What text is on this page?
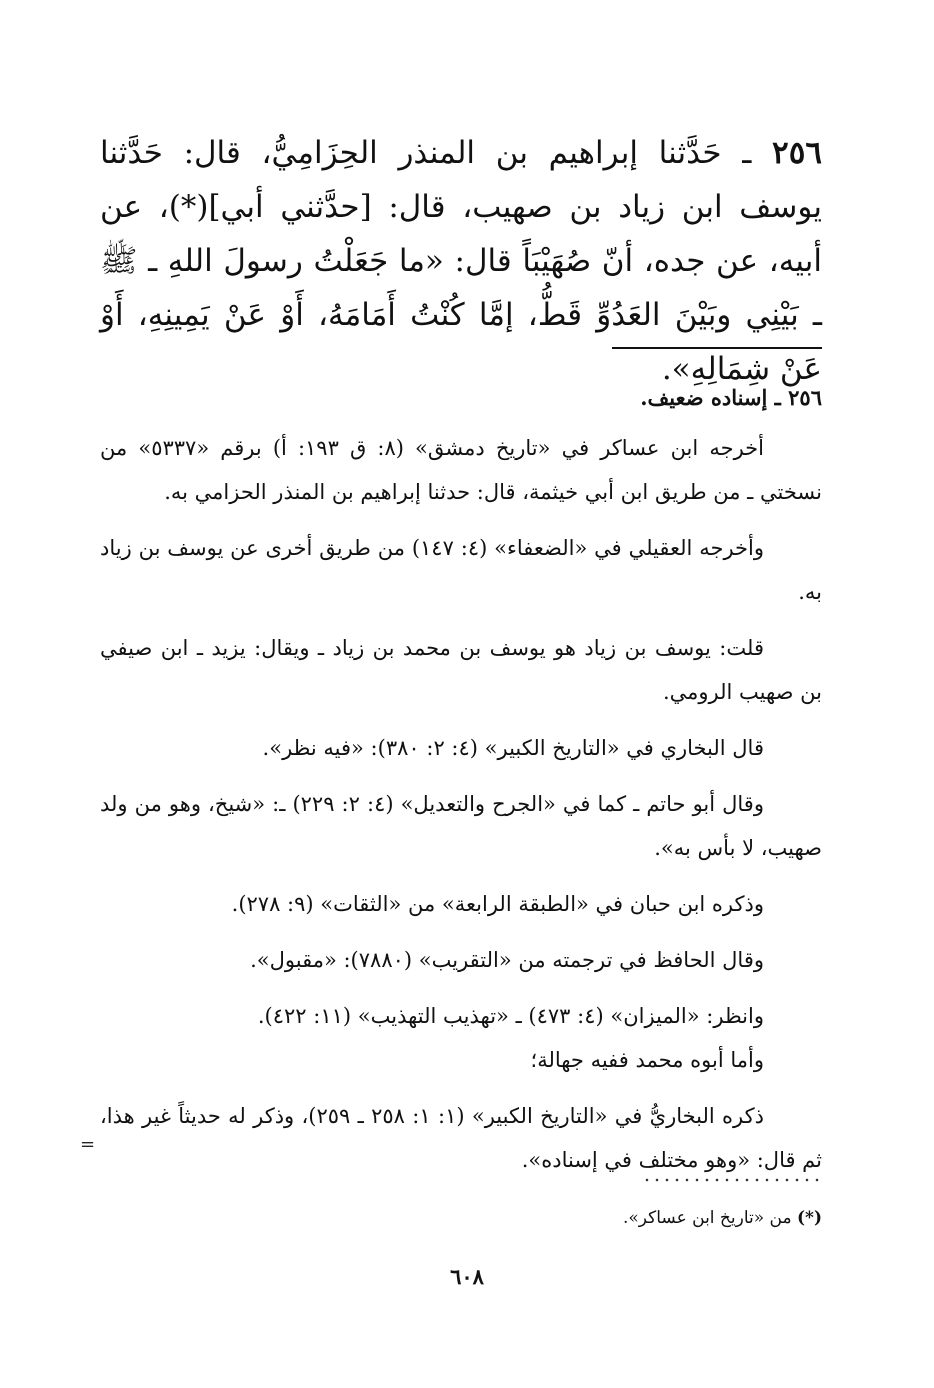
٢٥٦ ـ حَدَّثنا إبراهيم بن المنذر الحِزَامِيُّ، قال: حَدَّثنا يوسف ابن زياد بن صهيب، قال: [حدَّثني أبي](*)، عن أبيه، عن جده، أنّ صُهَيْبَاً قال: «ما جَعَلْتُ رسولَ اللهِ ـ ﷺ ـ بَيْنِي وبَيْنَ العَدُوِّ قَطُّ، إمَّا كُنْتُ أَمَامَهُ، أَوْ عَنْ يَمِينِهِ، أَوْ عَنْ شِمَالِهِ».

٢٥٦ ـ إسناده ضعيف.

أخرجه ابن عساكر في «تاريخ دمشق» (٨: ق ١٩٣: أ) برقم «٥٣٣٧» من نسختي ـ من طريق ابن أبي خيثمة، قال: حدثنا إبراهيم بن المنذر الحزامي به.

وأخرجه العقيلي في «الضعفاء» (٤: ١٤٧) من طريق أخرى عن يوسف بن زياد به.

قلت: يوسف بن زياد هو يوسف بن محمد بن زياد ـ ويقال: يزيد ـ ابن صيفي بن صهيب الرومي.

قال البخاري في «التاريخ الكبير» (٤: ٢: ٣٨٠): «فيه نظر».

وقال أبو حاتم ـ كما في «الجرح والتعديل» (٤: ٢: ٢٢٩) ـ: «شيخ، وهو من ولد صهيب، لا بأس به».

وذكره ابن حبان في «الطبقة الرابعة» من «الثقات» (٩: ٢٧٨).

وقال الحافظ في ترجمته من «التقريب» (٧٨٨٠): «مقبول».

وانظر: «الميزان» (٤: ٤٧٣) ـ «تهذيب التهذيب» (١١: ٤٢٢).

وأما أبوه محمد ففيه جهالة؛

ذكره البخاريُّ في «التاريخ الكبير» (١: ١: ٢٥٨ ـ ٢٥٩)، وذكر له حديثاً غير هذا، ثم قال: «وهو مختلف في إسناده».

=
(*) من «تاريخ ابن عساكر».
٦٠٨
